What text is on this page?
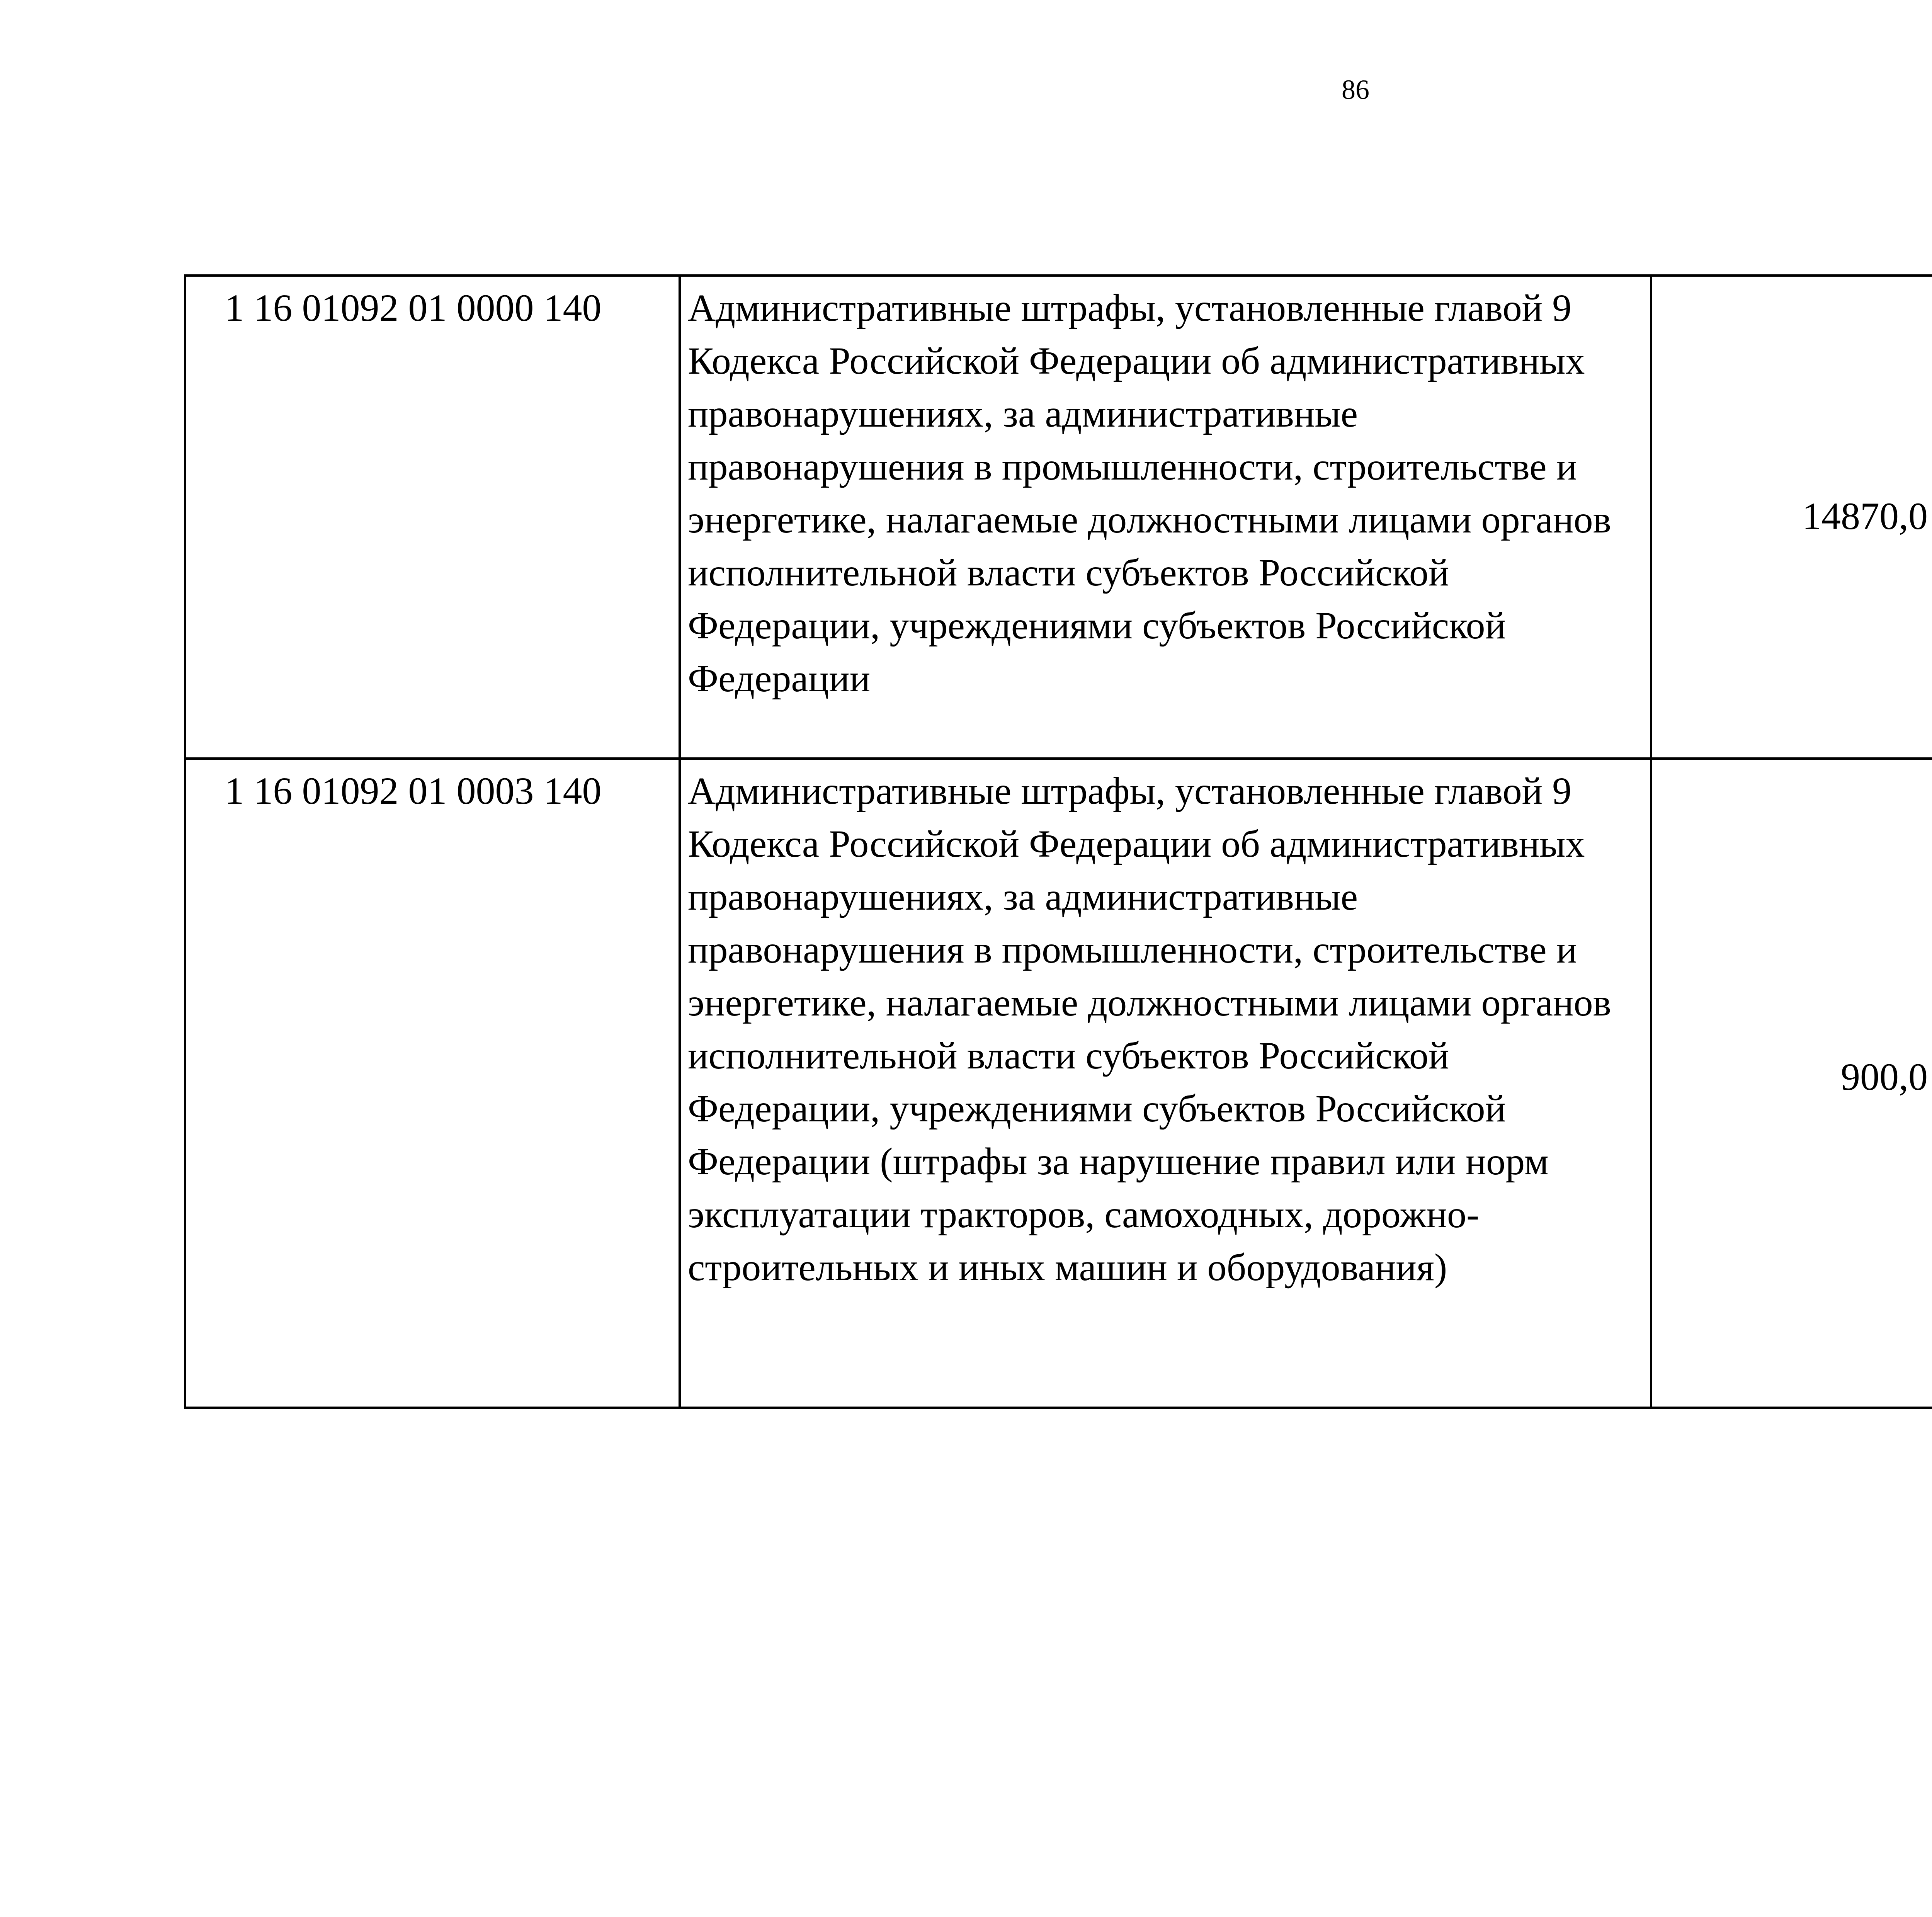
86
1 16 01092 01 0000 140	Административные штрафы, установленные главой 9 Кодекса Российской Федерации об административных правонарушениях, за административные правонарушения в промышленности, строительстве и энергетике, налагаемые должностными лицами органов исполнительной власти субъектов Российской Федерации, учреждениями субъектов Российской Федерации	14870,0		
1 16 01092 01 0003 140	Административные штрафы, установленные главой 9 Кодекса Российской Федерации об административных правонарушениях, за административные правонарушения в промышленности, строительстве и энергетике, налагаемые должностными лицами органов исполнительной власти субъектов Российской Федерации, учреждениями субъектов Российской Федерации (штрафы за нарушение правил или норм эксплуатации тракторов, самоходных, дорожно-строительных и иных машин и оборудования)	900,0		
